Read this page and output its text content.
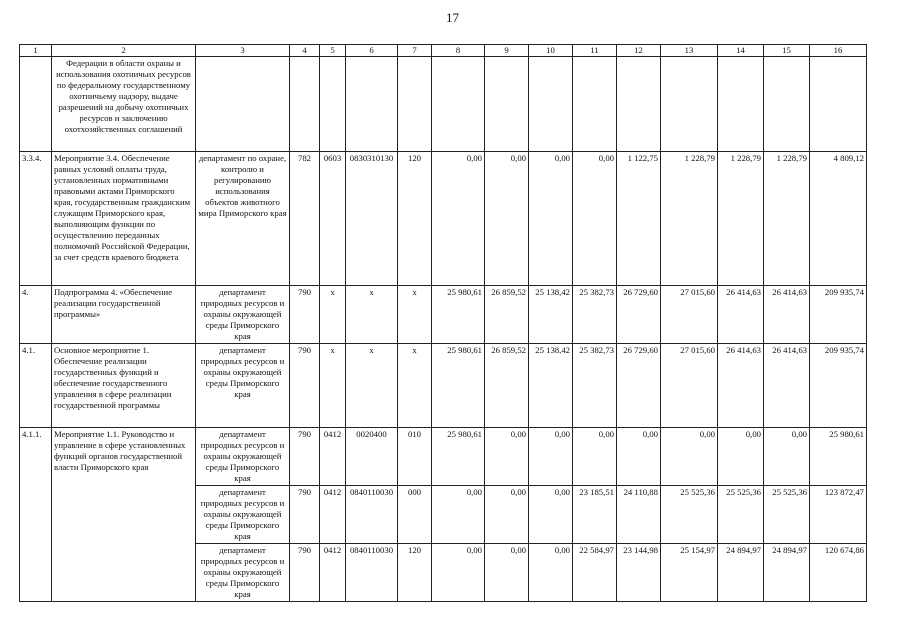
17
1	2	3	4	5	6	7	8	9	10	11	12	13	14	15	16
	Федерации в области охраны и использования охотничьих ресурсов по федеральному государственному охотничьему надзору, выдаче разрешений на добычу охотничьих ресурсов и заключению охотхозяйственных соглашений														
3.3.4.	Мероприятие 3.4. Обеспечение равных условий оплаты труда, установленных нормативными правовыми актами Приморского края, государственным гражданским служащим Приморского края, выполняющим функции по осуществлению переданных полномочий Российской Федерации, за счет средств краевого бюджета	департамент по охране, контролю и регулированию использования объектов животного мира Приморского края	782	0603	0830310130	120	0,00	0,00	0,00	0,00	1 122,75	1 228,79	1 228,79	1 228,79	4 809,12
4.	Подпрограмма 4. «Обеспечение реализации государственной программы»	департамент природных ресурсов и охраны окружающей среды Приморского края	790	х	х	х	25 980,61	26 859,52	25 138,42	25 382,73	26 729,60	27 015,60	26 414,63	26 414,63	209 935,74
4.1.	Основное мероприятие 1. Обеспечение реализации государственных функций и обеспечение государственного управления в сфере реализации государственной программы	департамент природных ресурсов и охраны окружающей среды Приморского края	790	х	х	х	25 980,61	26 859,52	25 138,42	25 382,73	26 729,60	27 015,60	26 414,63	26 414,63	209 935,74
4.1.1.	Мероприятие 1.1. Руководство и управление в сфере установленных функций органов государственной власти Приморского края	департамент природных ресурсов и охраны окружающей среды Приморского края	790	0412	0020400	010	25 980,61	0,00	0,00	0,00	0,00	0,00	0,00	0,00	25 980,61
		департамент природных ресурсов и охраны окружающей среды Приморского края	790	0412	0840110030	000	0,00	0,00	0,00	23 185,51	24 110,88	25 525,36	25 525,36	25 525,36	123 872,47
		департамент природных ресурсов и охраны окружающей среды Приморского края	790	0412	0840110030	120	0,00	0,00	0,00	22 584,97	23 144,98	25 154,97	24 894,97	24 894,97	120 674,86
